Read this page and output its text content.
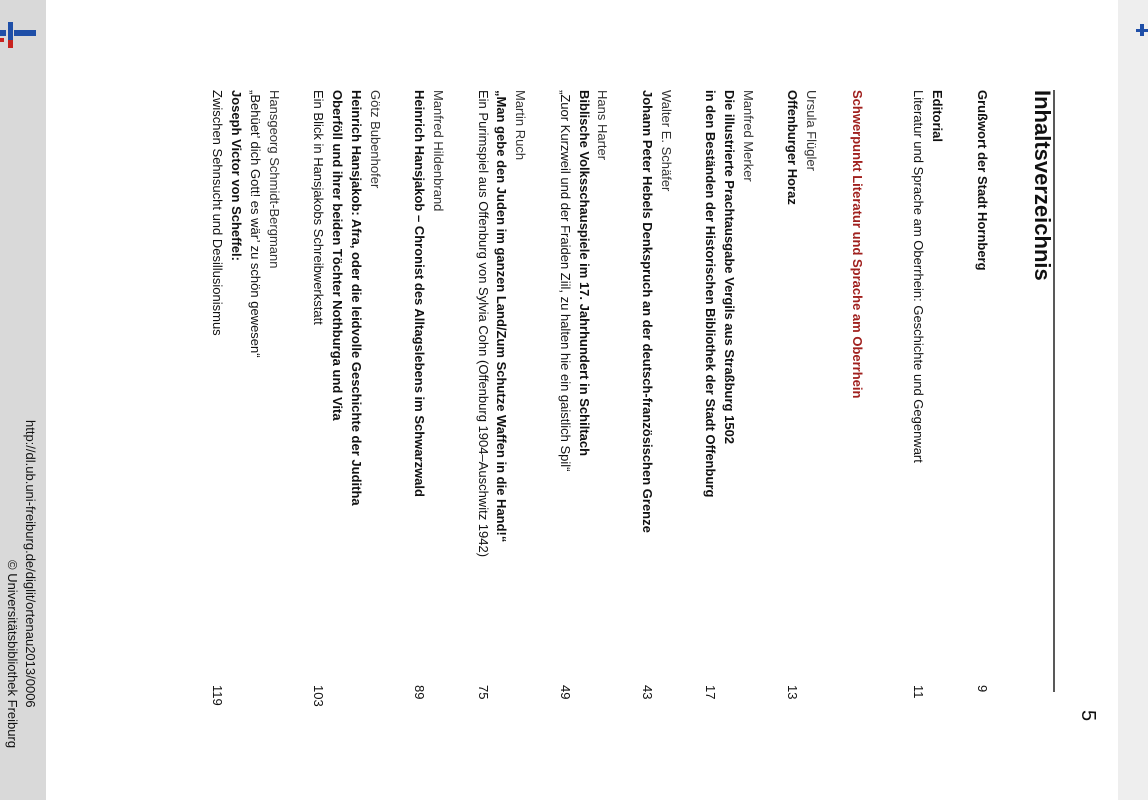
http://dl.ub.uni-freiburg.de/diglit/ortenau2013/0006
© Universitätsbibliothek Freiburg	5
Inhaltsverzeichnis
Grußwort der Stadt Hornberg
9
Editorial
Literatur und Sprache am Oberrhein: Geschichte und Gegenwart
11
Schwerpunkt Literatur und Sprache am Oberrhein
Ursula Flügler
Offenburger Horaz
13
Manfred Merker
Die illustrierte Prachtausgabe Vergils aus Straßburg 1502
in den Beständen der Historischen Bibliothek der Stadt Offenburg
17
Walter E. Schäfer
Johann Peter Hebels Denkspruch an der deutsch-französischen Grenze
43
Hans Harter
Biblische Volksschauspiele im 17. Jahrhundert in Schiltach
„Zuor Kurzweil und der Fraiden Ziil, zu halten hie ein gaistlich Spil“
49
Martin Ruch
„Man gebe den Juden im ganzen Land/Zum Schutze Waffen in die Hand!“
Ein Purimspiel aus Offenburg von Sylvia Cohn (Offenburg 1904–Auschwitz 1942)
75
Manfred Hildenbrand
Heinrich Hansjakob – Chronist des Alltagslebens im Schwarzwald
89
Götz Bubenhofer
Heinrich Hansjakob: Afra, oder die leidvolle Geschichte der Juditha
Oberföll und ihrer beiden Töchter Nothburga und Vita
Ein Blick in Hansjakobs Schreibwerkstatt
103
Hansgeorg Schmidt-Bergmann
„Behüet’ dich Gott! es wär’ zu schön gewesen“
Joseph Victor von Scheffel:
Zwischen Sehnsucht und Desillusionismus
119
